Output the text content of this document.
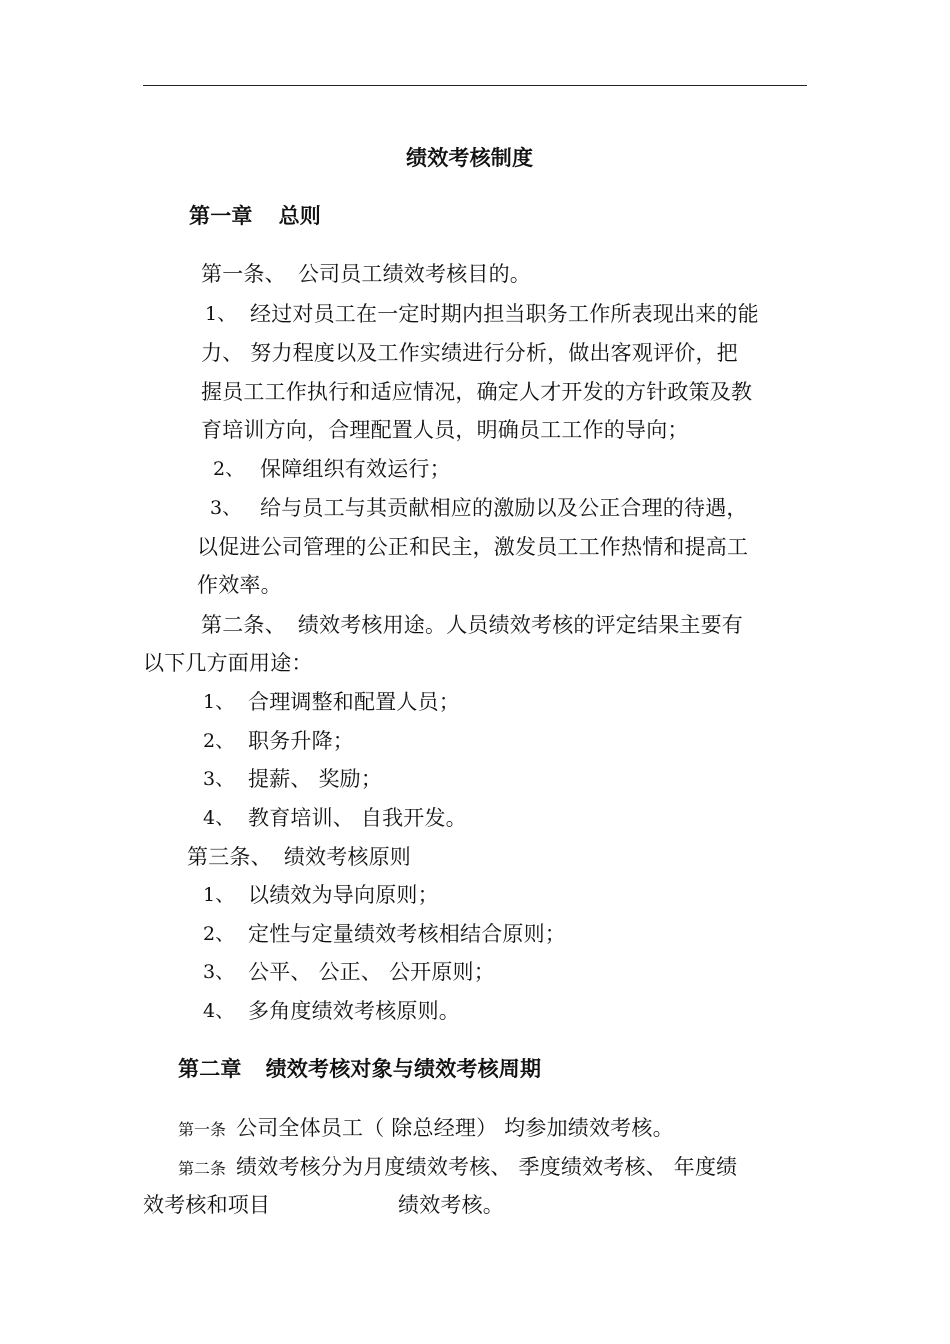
绩效考核制度
第一章 总则
第一条、 公司员工绩效考核目的。
1、 经过对员工在一定时期内担当职务工作所表现出来的能
力、 努力程度以及工作实绩进行分析，做出客观评价，把
握员工工作执行和适应情况，确定人才开发的方针政策及教
育培训方向，合理配置人员，明确员工工作的导向；
2、 保障组织有效运行；
3、 给与员工与其贡献相应的激励以及公正合理的待遇，
以促进公司管理的公正和民主，激发员工工作热情和提高工
作效率。
第二条、 绩效考核用途。人员绩效考核的评定结果主要有
以下几方面用途：
1、 合理调整和配置人员；
2、 职务升降；
3、 提薪、 奖励；
4、 教育培训、 自我开发。
第三条、 绩效考核原则
1、 以绩效为导向原则；
2、 定性与定量绩效考核相结合原则；
3、 公平、 公正、 公开原则；
4、 多角度绩效考核原则。
第二章 绩效考核对象与绩效考核周期
第一条 公司全体员工（ 除总经理） 均参加绩效考核。
第二条 绩效考核分为月度绩效考核、 季度绩效考核、 年度绩
效考核和项目	绩效考核。
